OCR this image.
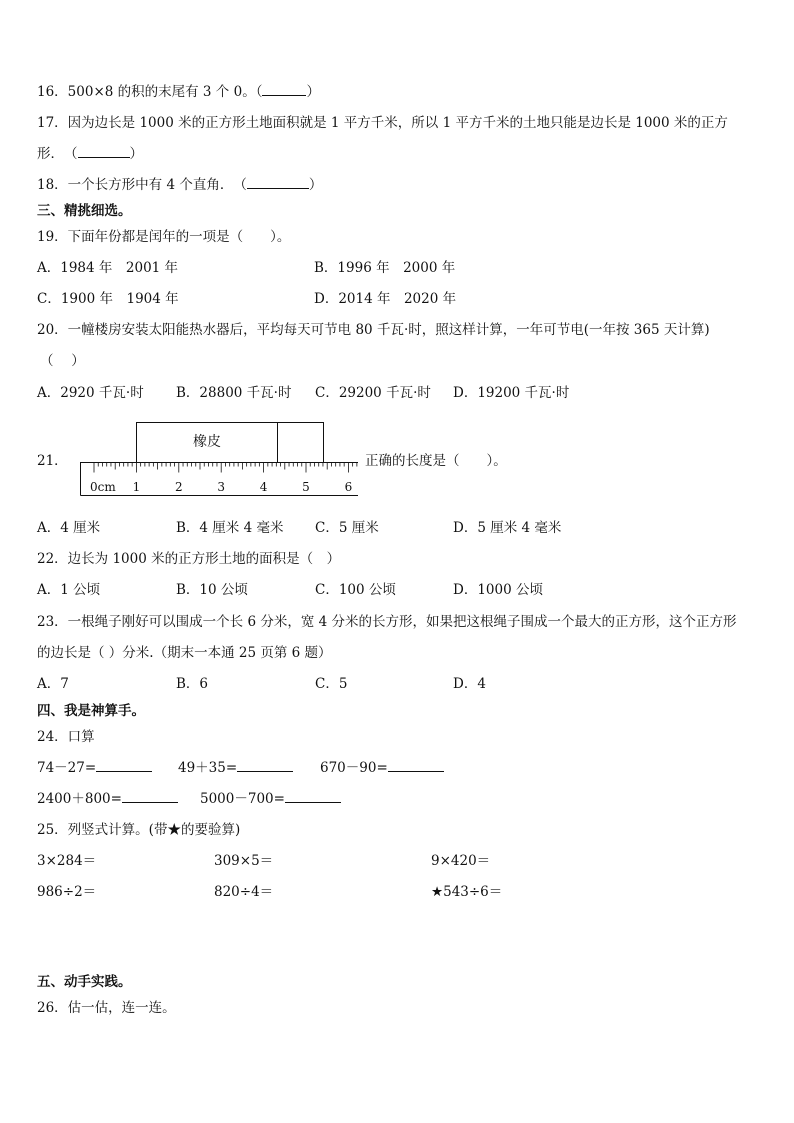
16．500×8 的积的末尾有 3 个 0。（	）
17．因为边长是 1000 米的正方形土地面积就是 1 平方千米，所以 1 平方千米的土地只能是边长是 1000 米的正方
形．　（	）
18．一个长方形中有 4 个直角．　（	）
三、精挑细选。
19．下面年份都是闰年的一项是（　　）。
A．1984 年　2001 年	B．1996 年　2000 年
C．1900 年　1904 年	D．2014 年　2020 年
20．一幢楼房安装太阳能热水器后，平均每天可节电 80 千瓦·时，照这样计算，一年可节电(一年按 365 天计算)
（　 ）
A．2920 千瓦·时 B．28800 千瓦·时 C．29200 千瓦·时 D．19200 千瓦·时
21．
橡皮
0cm 1	2	3	4	5	6
正确的长度是（　　）。
A．4 厘米	B．4 厘米 4 毫米 C．5 厘米	D．5 厘米 4 毫米
22．边长为 1000 米的正方形土地的面积是（　）
A．1 公顷	B．10 公顷	C．100 公顷	D．1000 公顷
23．一根绳子刚好可以围成一个长 6 分米，宽 4 分米的长方形，如果把这根绳子围成一个最大的正方形，这个正方形
的边长是（ ）分米.（期末一本通 25 页第 6 题）
A．7	B．6	C．5	D．4
四、我是神算手。
24．口算
74－27=	49＋35=	670－90=
2400＋800=	5000－700=
25．列竖式计算。(带★的要验算)
3×284＝	309×5＝	9×420＝
986÷2＝	820÷4＝	★543÷6＝
五、动手实践。
26．估一估，连一连。
